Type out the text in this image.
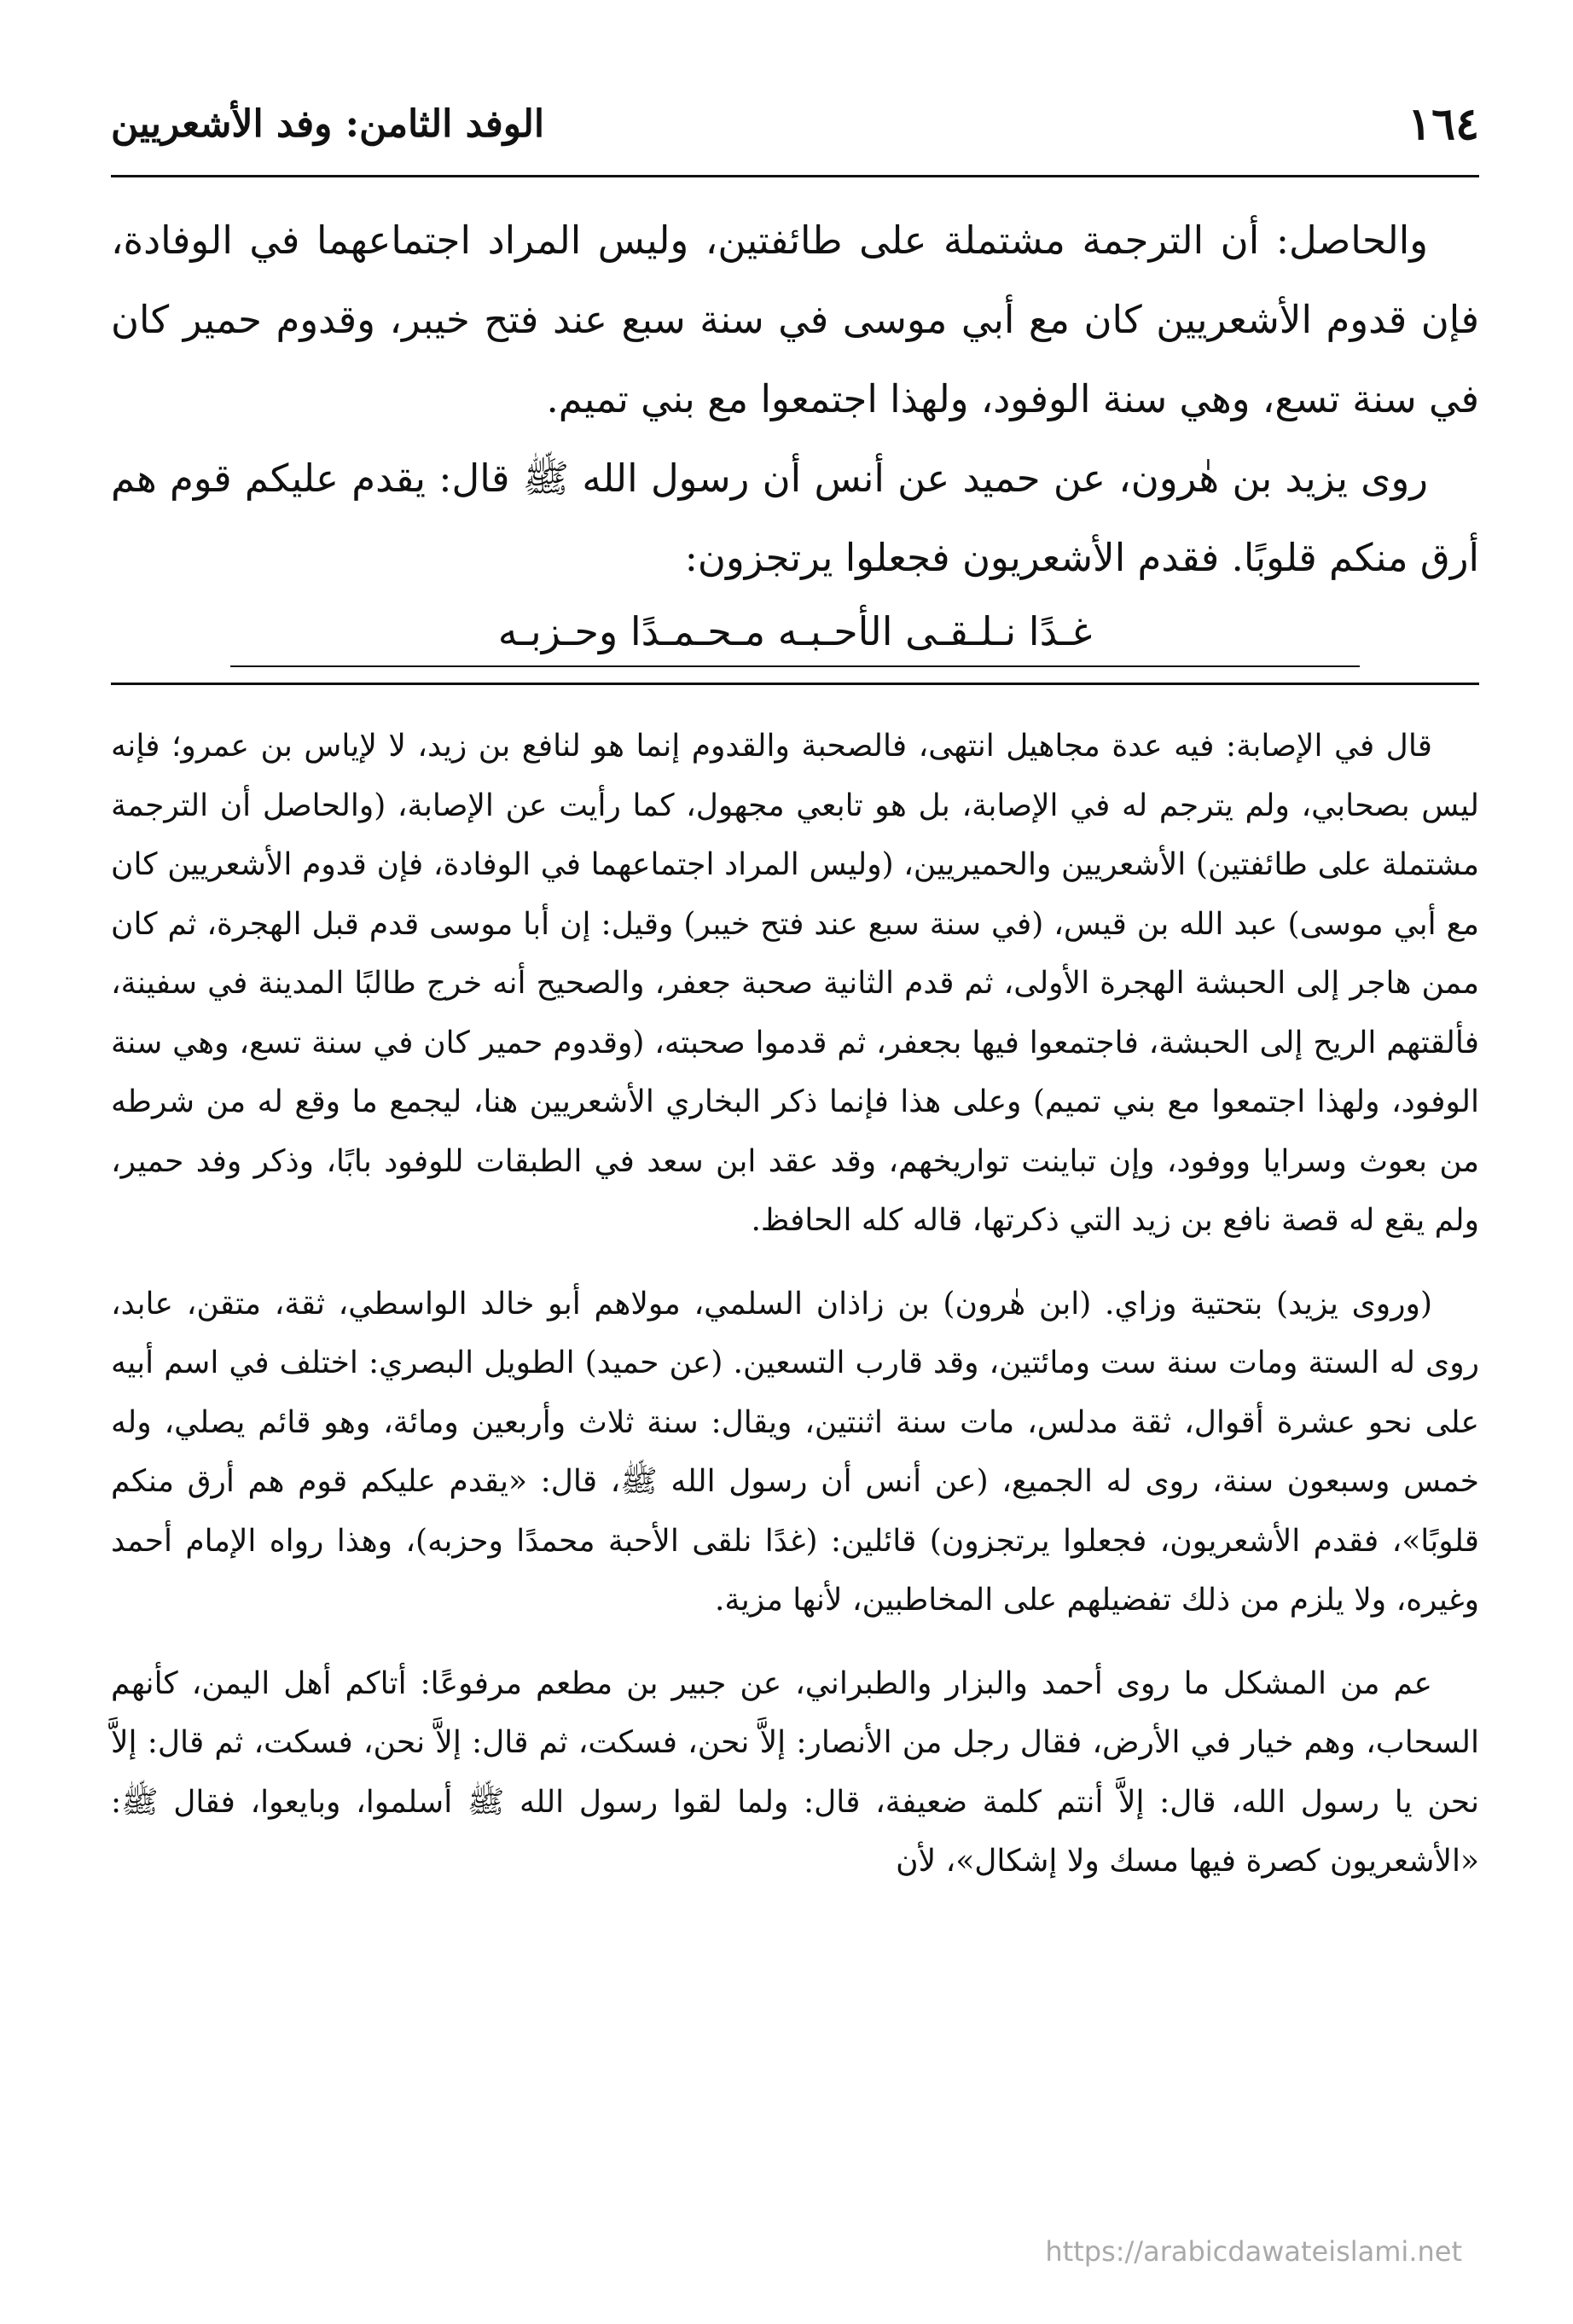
١٦٤
الوفد الثامن: وفد الأشعريين

والحاصل: أن الترجمة مشتملة على طائفتين، وليس المراد اجتماعهما في الوفادة، فإن قدوم الأشعريين كان مع أبي موسى في سنة سبع عند فتح خيبر، وقدوم حمير كان في سنة تسع، وهي سنة الوفود، ولهذا اجتمعوا مع بني تميم.

روى يزيد بن هٰرون، عن حميد عن أنس أن رسول الله ﷺ قال: يقدم عليكم قوم هم أرق منكم قلوبًا. فقدم الأشعريون فجعلوا يرتجزون:

غـدًا نـلـقـى الأحـبـه مـحـمـدًا وحـزبـه

قال في الإصابة: فيه عدة مجاهيل انتهى، فالصحبة والقدوم إنما هو لنافع بن زيد، لا لإياس بن عمرو؛ فإنه ليس بصحابي، ولم يترجم له في الإصابة، بل هو تابعي مجهول، كما رأيت عن الإصابة، (والحاصل أن الترجمة مشتملة على طائفتين) الأشعريين والحميريين، (وليس المراد اجتماعهما في الوفادة، فإن قدوم الأشعريين كان مع أبي موسى) عبد الله بن قيس، (في سنة سبع عند فتح خيبر) وقيل: إن أبا موسى قدم قبل الهجرة، ثم كان ممن هاجر إلى الحبشة الهجرة الأولى، ثم قدم الثانية صحبة جعفر، والصحيح أنه خرج طالبًا المدينة في سفينة، فألقتهم الريح إلى الحبشة، فاجتمعوا فيها بجعفر، ثم قدموا صحبته، (وقدوم حمير كان في سنة تسع، وهي سنة الوفود، ولهذا اجتمعوا مع بني تميم) وعلى هذا فإنما ذكر البخاري الأشعريين هنا، ليجمع ما وقع له من شرطه من بعوث وسرايا ووفود، وإن تباينت تواريخهم، وقد عقد ابن سعد في الطبقات للوفود بابًا، وذكر وفد حمير، ولم يقع له قصة نافع بن زيد التي ذكرتها، قاله كله الحافظ.

(وروى يزيد) بتحتية وزاي. (ابن هٰرون) بن زاذان السلمي، مولاهم أبو خالد الواسطي، ثقة، متقن، عابد، روى له الستة ومات سنة ست ومائتين، وقد قارب التسعين. (عن حميد) الطويل البصري: اختلف في اسم أبيه على نحو عشرة أقوال، ثقة مدلس، مات سنة اثنتين، ويقال: سنة ثلاث وأربعين ومائة، وهو قائم يصلي، وله خمس وسبعون سنة، روى له الجميع، (عن أنس أن رسول الله ﷺ، قال: «يقدم عليكم قوم هم أرق منكم قلوبًا»، فقدم الأشعريون، فجعلوا يرتجزون) قائلين: (غدًا نلقى الأحبة محمدًا وحزبه)، وهذا رواه الإمام أحمد وغيره، ولا يلزم من ذلك تفضيلهم على المخاطبين، لأنها مزية.

عم من المشكل ما روى أحمد والبزار والطبراني، عن جبير بن مطعم مرفوعًا: أتاكم أهل اليمن، كأنهم السحاب، وهم خيار في الأرض، فقال رجل من الأنصار: إلاَّ نحن، فسكت، ثم قال: إلاَّ نحن، فسكت، ثم قال: إلاَّ نحن يا رسول الله، قال: إلاَّ أنتم كلمة ضعيفة، قال: ولما لقوا رسول الله ﷺ أسلموا، وبايعوا، فقال ﷺ: «الأشعريون كصرة فيها مسك ولا إشكال»، لأن

https://arabicdawateislami.net
